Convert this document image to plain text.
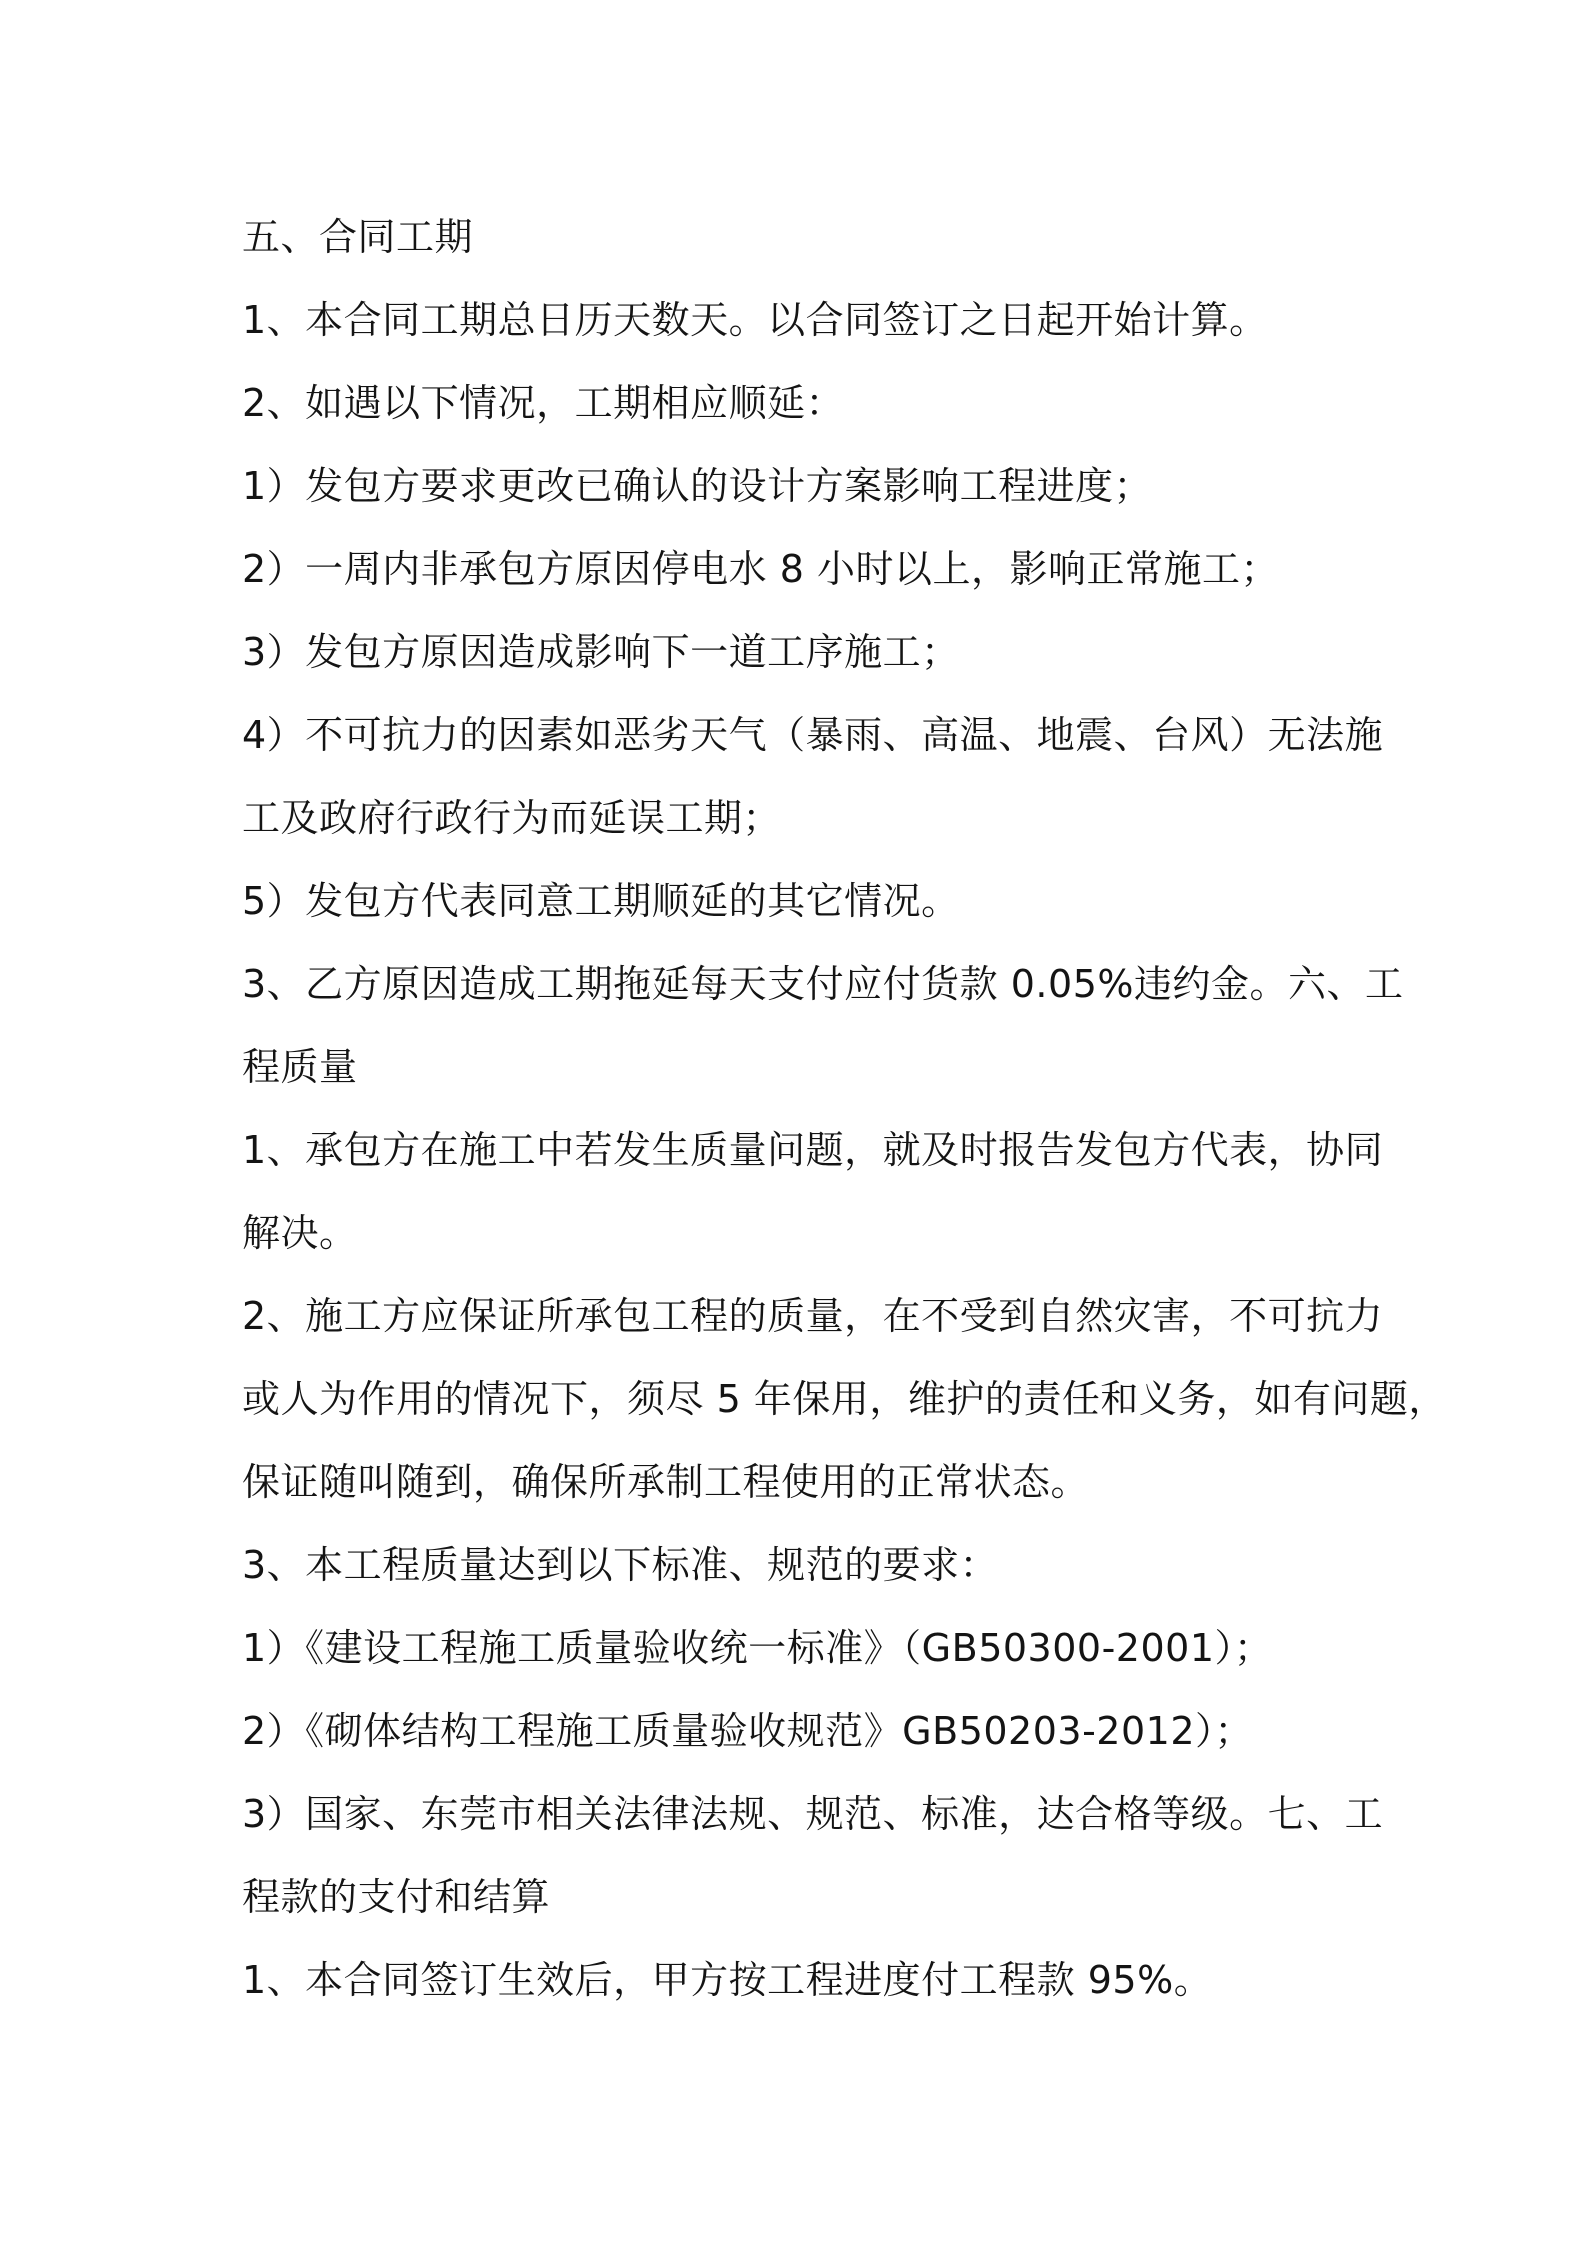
五、合同工期
1、本合同工期总日历天数天。以合同签订之日起开始计算。
2、如遇以下情况，工期相应顺延：
1）发包方要求更改已确认的设计方案影响工程进度；
2）一周内非承包方原因停电水 8 小时以上，影响正常施工；
3）发包方原因造成影响下一道工序施工；
4）不可抗力的因素如恶劣天气（暴雨、高温、地震、台风）无法施
工及政府行政行为而延误工期；
5）发包方代表同意工期顺延的其它情况。
3、乙方原因造成工期拖延每天支付应付货款 0.05%违约金。六、工
程质量
1、承包方在施工中若发生质量问题，就及时报告发包方代表，协同
解决。
2、施工方应保证所承包工程的质量，在不受到自然灾害，不可抗力
或人为作用的情况下，须尽 5 年保用，维护的责任和义务，如有问题，
保证随叫随到，确保所承制工程使用的正常状态。
3、本工程质量达到以下标准、规范的要求：
1）《建设工程施工质量验收统一标准》（GB50300-2001）；
2）《砌体结构工程施工质量验收规范》GB50203-2012）；
3）国家、东莞市相关法律法规、规范、标准，达合格等级。七、工
程款的支付和结算
1、本合同签订生效后，甲方按工程进度付工程款 95%。
